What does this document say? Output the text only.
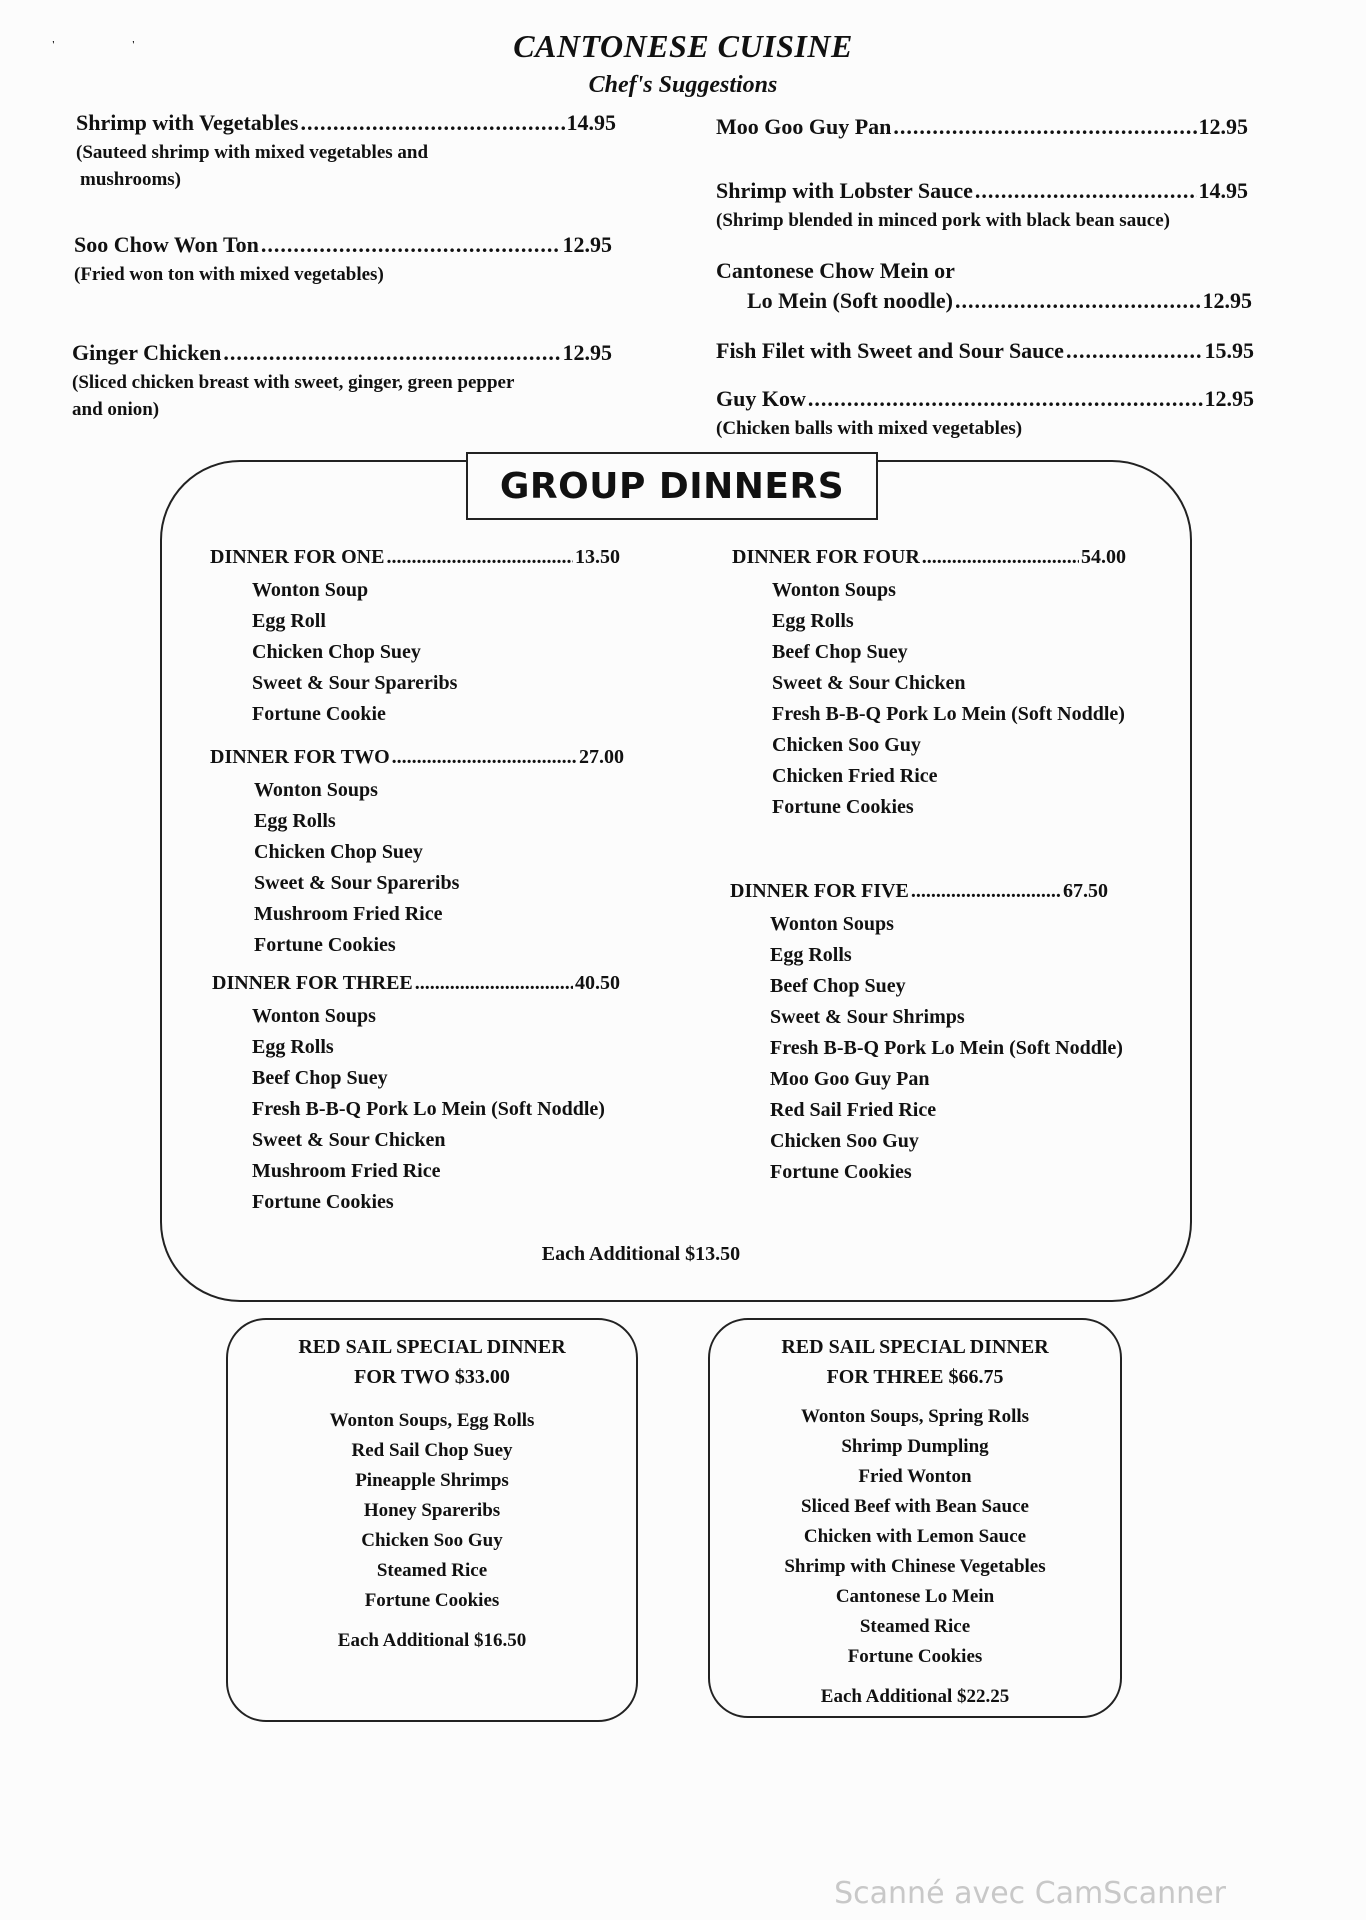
'	'	CANTONESE CUISINE
Chef's Suggestions
Shrimp with Vegetables .....	14.95
(Sauteed shrimp with mixed vegetables and
mushrooms)
Soo Chow Won Ton .....	12.95
(Fried won ton with mixed vegetables)
Ginger Chicken .....	12.95
(Sliced chicken breast with sweet, ginger, green pepper
and onion)
Moo Goo Guy Pan .....	12.95
Shrimp with Lobster Sauce .....	14.95
(Shrimp blended in minced pork with black bean sauce)
Cantonese Chow Mein or
Lo Mein (Soft noodle) .....	12.95
Fish Filet with Sweet and Sour Sauce .....	15.95
Guy Kow .....	12.95
(Chicken balls with mixed vegetables)
GROUP DINNERS
DINNER FOR ONE .....	13.50
Wonton Soup
Egg Roll
Chicken Chop Suey
Sweet & Sour Spareribs
Fortune Cookie
DINNER FOR TWO .....	27.00
Wonton Soups
Egg Rolls
Chicken Chop Suey
Sweet & Sour Spareribs
Mushroom Fried Rice
Fortune Cookies
DINNER FOR THREE .....	40.50
Wonton Soups
Egg Rolls
Beef Chop Suey
Fresh B-B-Q Pork Lo Mein (Soft Noddle)
Sweet & Sour Chicken
Mushroom Fried Rice
Fortune Cookies
DINNER FOR FOUR .....	54.00
Wonton Soups
Egg Rolls
Beef Chop Suey
Sweet & Sour Chicken
Fresh B-B-Q Pork Lo Mein (Soft Noddle)
Chicken Soo Guy
Chicken Fried Rice
Fortune Cookies
DINNER FOR FIVE .....	67.50
Wonton Soups
Egg Rolls
Beef Chop Suey
Sweet & Sour Shrimps
Fresh B-B-Q Pork Lo Mein (Soft Noddle)
Moo Goo Guy Pan
Red Sail Fried Rice
Chicken Soo Guy
Fortune Cookies
Each Additional $13.50
RED SAIL SPECIAL DINNER
FOR TWO $33.00
Wonton Soups, Egg Rolls
Red Sail Chop Suey
Pineapple Shrimps
Honey Spareribs
Chicken Soo Guy
Steamed Rice
Fortune Cookies
Each Additional $16.50
RED SAIL SPECIAL DINNER
FOR THREE $66.75
Wonton Soups, Spring Rolls
Shrimp Dumpling
Fried Wonton
Sliced Beef with Bean Sauce
Chicken with Lemon Sauce
Shrimp with Chinese Vegetables
Cantonese Lo Mein
Steamed Rice
Fortune Cookies
Each Additional $22.25
Scanné avec CamScanner
